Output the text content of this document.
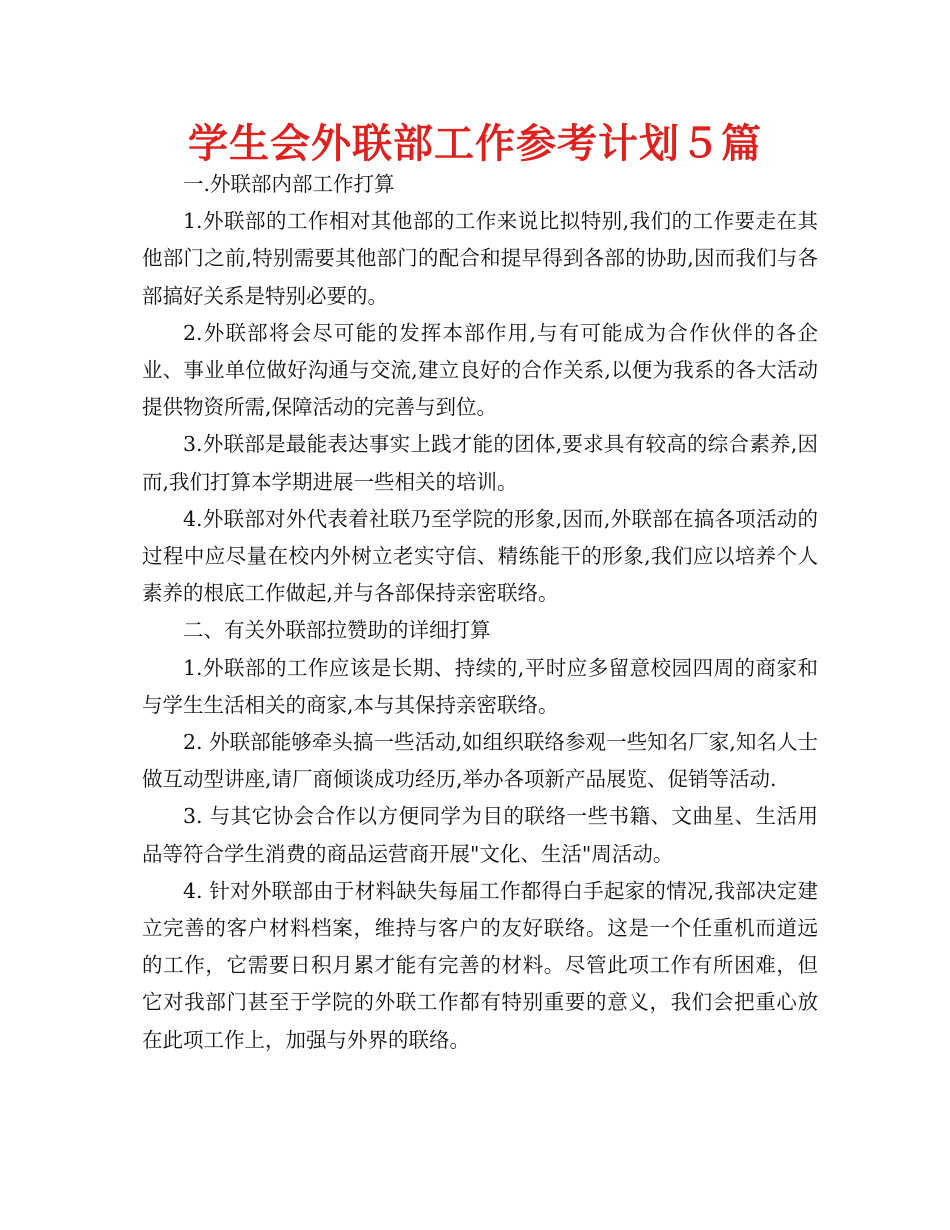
学生会外联部工作参考计划５篇

一.外联部内部工作打算

1.外联部的工作相对其他部的工作来说比拟特别,我们的工作要走在其他部门之前,特别需要其他部门的配合和提早得到各部的协助,因而我们与各部搞好关系是特别必要的。

2.外联部将会尽可能的发挥本部作用,与有可能成为合作伙伴的各企业、事业单位做好沟通与交流,建立良好的合作关系,以便为我系的各大活动提供物资所需,保障活动的完善与到位。

3.外联部是最能表达事实上践才能的团体,要求具有较高的综合素养,因而,我们打算本学期进展一些相关的培训。

4.外联部对外代表着社联乃至学院的形象,因而,外联部在搞各项活动的过程中应尽量在校内外树立老实守信、精练能干的形象,我们应以培养个人素养的根底工作做起,并与各部保持亲密联络。

二、有关外联部拉赞助的详细打算

1.外联部的工作应该是长期、持续的,平时应多留意校园四周的商家和与学生生活相关的商家,本与其保持亲密联络。

2. 外联部能够牵头搞一些活动,如组织联络参观一些知名厂家,知名人士做互动型讲座,请厂商倾谈成功经历,举办各项新产品展览、促销等活动.

3. 与其它协会合作以方便同学为目的联络一些书籍、文曲星、生活用品等符合学生消费的商品运营商开展"文化、生活"周活动。

4. 针对外联部由于材料缺失每届工作都得白手起家的情况,我部决定建立完善的客户材料档案，维持与客户的友好联络。这是一个任重机而道远的工作，它需要日积月累才能有完善的材料。尽管此项工作有所困难，但它对我部门甚至于学院的外联工作都有特别重要的意义，我们会把重心放在此项工作上，加强与外界的联络。
